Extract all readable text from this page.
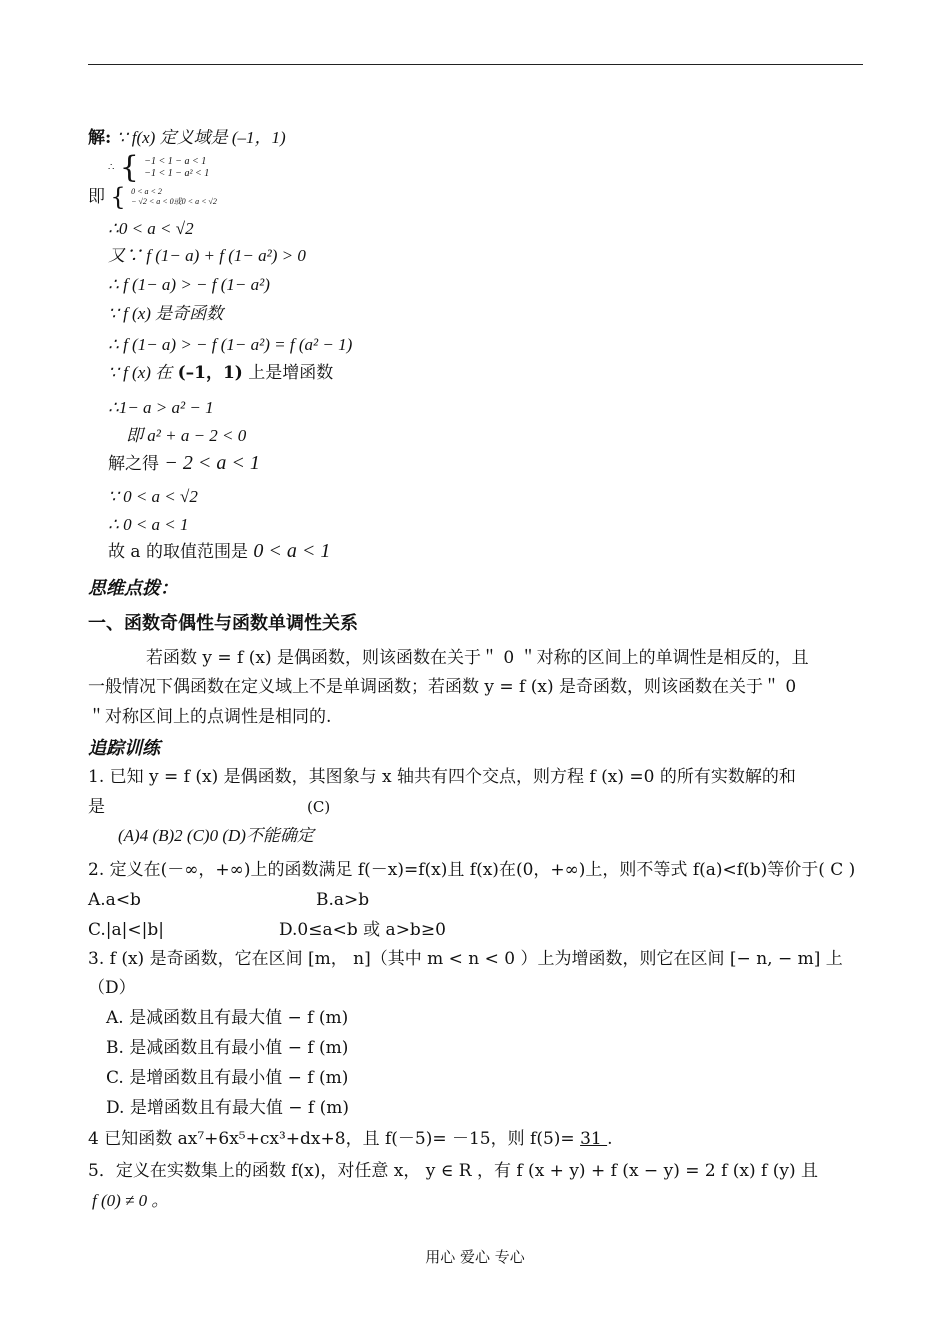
解: ∵ f(x) 定义域是 (–1，1)
∴ { −1 < 1 − a < 1
−1 < 1 − a² < 1
即 { 0 < a < 2
− √2 < a < 0或0 < a < √2
∴0 < a < √2
又∵ f (1− a) + f (1− a²) > 0
∴ f (1− a) > − f (1− a²)
∵ f (x) 是奇函数
∴ f (1− a) > − f (1− a²) = f (a² − 1)
∵ f (x) 在 (–1，1) 上是增函数
∴1− a > a² − 1
即 a² + a − 2 < 0
解之得 − 2 < a < 1
∵ 0 < a < √2
∴ 0 < a < 1
故 a 的取值范围是 0 < a < 1
思维点拨：
一、函数奇偶性与函数单调性关系
若函数 y = f (x) 是偶函数，则该函数在关于＂ 0 ＂对称的区间上的单调性是相反的，且
一般情况下偶函数在定义域上不是单调函数；若函数 y = f (x) 是奇函数，则该函数在关于＂ 0
＂对称区间上的点调性是相同的.
追踪训练
1. 已知 y = f (x) 是偶函数，其图象与 x 轴共有四个交点，则方程 f (x) =0 的所有实数解的和
是	(C)
(A)4 (B)2 (C)0 (D)不能确定
2. 定义在(－∞，+∞)上的函数满足 f(－x)=f(x)且 f(x)在(0，+∞)上，则不等式 f(a)<f(b)等价于( C )
A.a<b	B.a>b
C.|a|<|b|	D.0≤a<b 或 a>b≥0
3. f (x) 是奇函数，它在区间 [m， n]（其中 m < n < 0 ）上为增函数，则它在区间 [− n, − m] 上
（D）
A. 是减函数且有最大值 − f (m)
B. 是减函数且有最小值 − f (m)
C. 是增函数且有最小值 − f (m)
D. 是增函数且有最大值 − f (m)
4 已知函数 ax⁷+6x⁵+cx³+dx+8，且 f(－5)= －15，则 f(5)= 31 .
5．定义在实数集上的函数 f(x)，对任意 x， y ∈ R ，有 f (x + y) + f (x − y) = 2 f (x) f (y) 且
f (0) ≠ 0 。
用心 爱心 专心
